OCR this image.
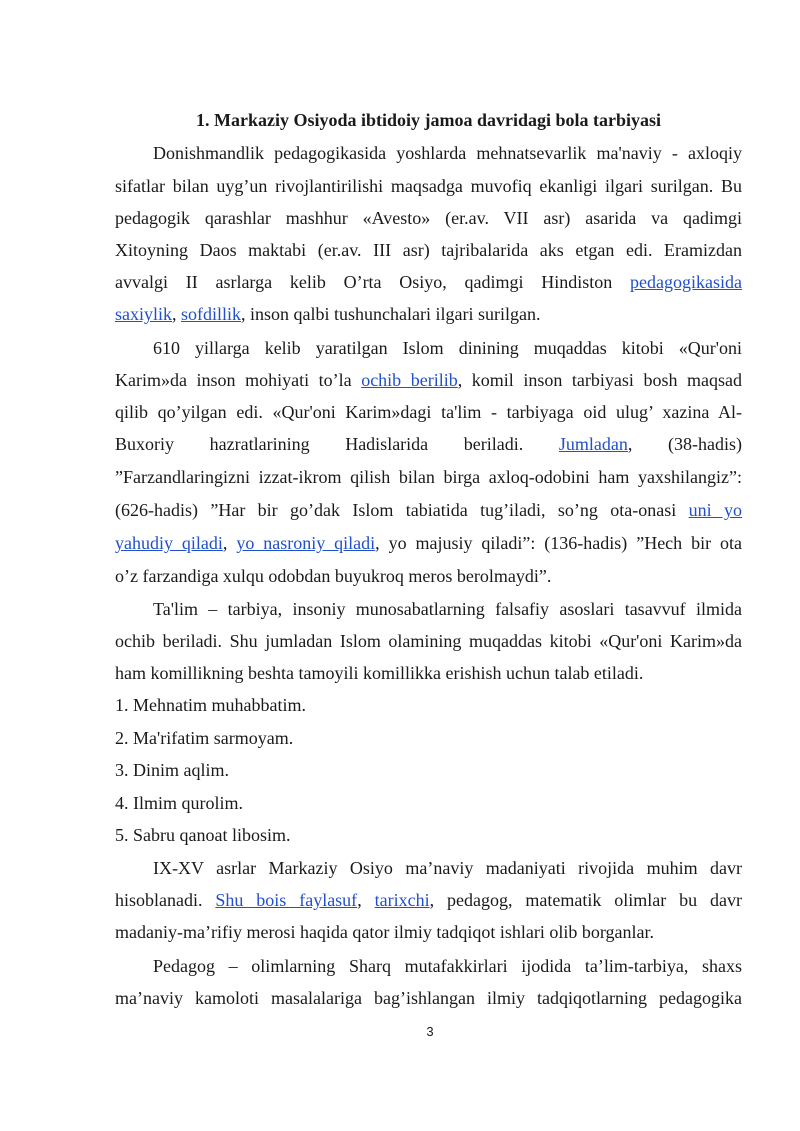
1. Markaziy Osiyoda ibtidoiy jamoa davridagi bola tarbiyasi
Donishmandlik pedagogikasida yoshlarda mehnatsevarlik ma'naviy - axloqiy
sifatlar bilan uyg’un rivojlantirilishi maqsadga muvofiq ekanligi ilgari surilgan. Bu
pedagogik qarashlar mashhur «Avesto» (er.av. VII asr) asarida va qadimgi
Xitoyning Daos maktabi (er.av. III asr) tajribalarida aks etgan edi. Eramizdan
avvalgi II asrlarga kelib O’rta Osiyo, qadimgi Hindiston pedagogikasida
saxiylik, sofdillik, inson qalbi tushunchalari ilgari surilgan.
610 yillarga kelib yaratilgan Islom dinining muqaddas kitobi «Qur'oni
Karim»da inson mohiyati to’la ochib berilib, komil inson tarbiyasi bosh maqsad
qilib qo’yilgan edi. «Qur'oni Karim»dagi ta'lim - tarbiyaga oid ulug’ xazina Al-
Buxoriy hazratlarining Hadislarida beriladi. Jumladan, (38-hadis)
”Farzandlaringizni izzat-ikrom qilish bilan birga axloq-odobini ham yaxshilangiz”:
(626-hadis) ”Har bir go’dak Islom tabiatida tug’iladi, so’ng ota-onasi uni yo
yahudiy qiladi, yo nasroniy qiladi, yo majusiy qiladi”: (136-hadis) ”Hech bir ota
o’z farzandiga xulqu odobdan buyukroq meros berolmaydi”.
Ta'lim – tarbiya, insoniy munosabatlarning falsafiy asoslari tasavvuf ilmida
ochib beriladi. Shu jumladan Islom olamining muqaddas kitobi «Qur'oni Karim»da
ham komillikning beshta tamoyili komillikka erishish uchun talab etiladi.
1. Mehnatim muhabbatim.
2. Ma'rifatim sarmoyam.
3. Dinim aqlim.
4. Ilmim qurolim.
5. Sabru qanoat libosim.
IX-XV asrlar Markaziy Osiyo ma’naviy madaniyati rivojida muhim davr
hisoblanadi. Shu bois faylasuf, tarixchi, pedagog, matematik olimlar bu davr
madaniy-ma’rifiy merosi haqida qator ilmiy tadqiqot ishlari olib borganlar.
Pedagog – olimlarning Sharq mutafakkirlari ijodida ta’lim-tarbiya, shaxs
ma’naviy kamoloti masalalariga bag’ishlangan ilmiy tadqiqotlarning pedagogika
3
